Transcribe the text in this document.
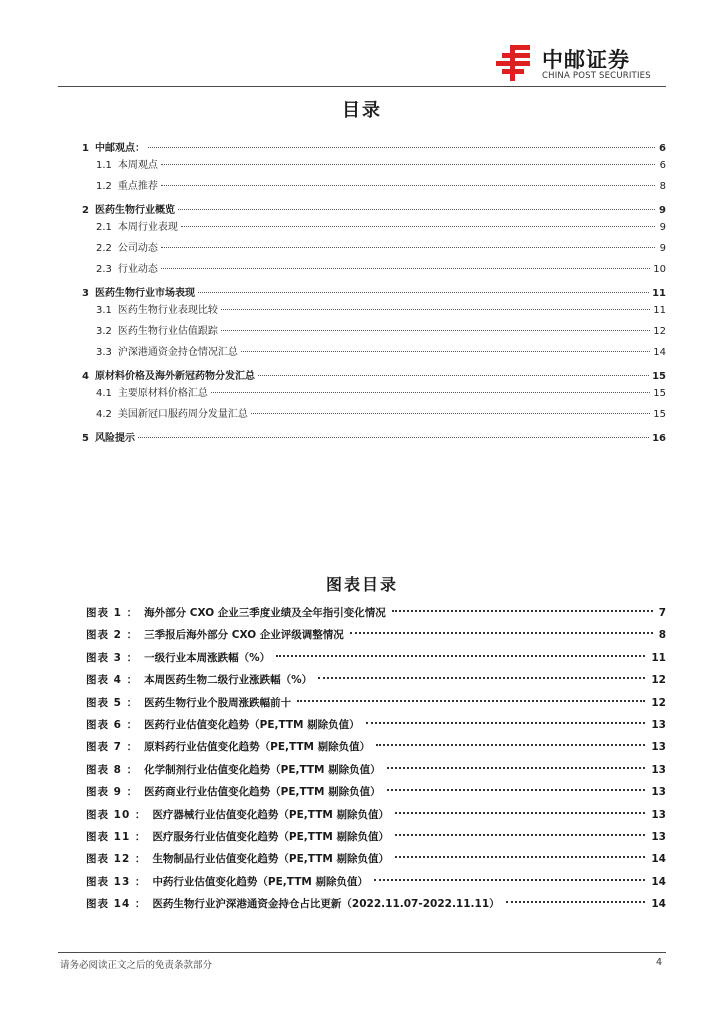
中邮证券
CHINA POST SECURITIES
目录
1 中邮观点：	6
1.1 本周观点	6
1.2 重点推荐	8
2 医药生物行业概览	9
2.1 本周行业表现	9
2.2 公司动态	9
2.3 行业动态	10
3 医药生物行业市场表现	11
3.1 医药生物行业表现比较	11
3.2 医药生物行业估值跟踪	12
3.3 沪深港通资金持仓情况汇总	14
4 原材料价格及海外新冠药物分发汇总	15
4.1 主要原材料价格汇总	15
4.2 美国新冠口服药周分发量汇总	15
5 风险提示	16
图表目录
图表 1 ： 海外部分 CXO 企业三季度业绩及全年指引变化情况	7
图表 2 ： 三季报后海外部分 CXO 企业评级调整情况	8
图表 3 ： 一级行业本周涨跌幅（%）	11
图表 4 ： 本周医药生物二级行业涨跌幅（%）	12
图表 5 ： 医药生物行业个股周涨跌幅前十	12
图表 6 ： 医药行业估值变化趋势（PE,TTM 剔除负值）	13
图表 7 ： 原料药行业估值变化趋势（PE,TTM 剔除负值）	13
图表 8 ： 化学制剂行业估值变化趋势（PE,TTM 剔除负值）	13
图表 9 ： 医药商业行业估值变化趋势（PE,TTM 剔除负值）	13
图表 10 ： 医疗器械行业估值变化趋势（PE,TTM 剔除负值）	13
图表 11 ： 医疗服务行业估值变化趋势（PE,TTM 剔除负值）	13
图表 12 ： 生物制品行业估值变化趋势（PE,TTM 剔除负值）	14
图表 13 ： 中药行业估值变化趋势（PE,TTM 剔除负值）	14
图表 14 ： 医药生物行业沪深港通资金持仓占比更新（2022.11.07-2022.11.11）	14
请务必阅读正文之后的免责条款部分	4
